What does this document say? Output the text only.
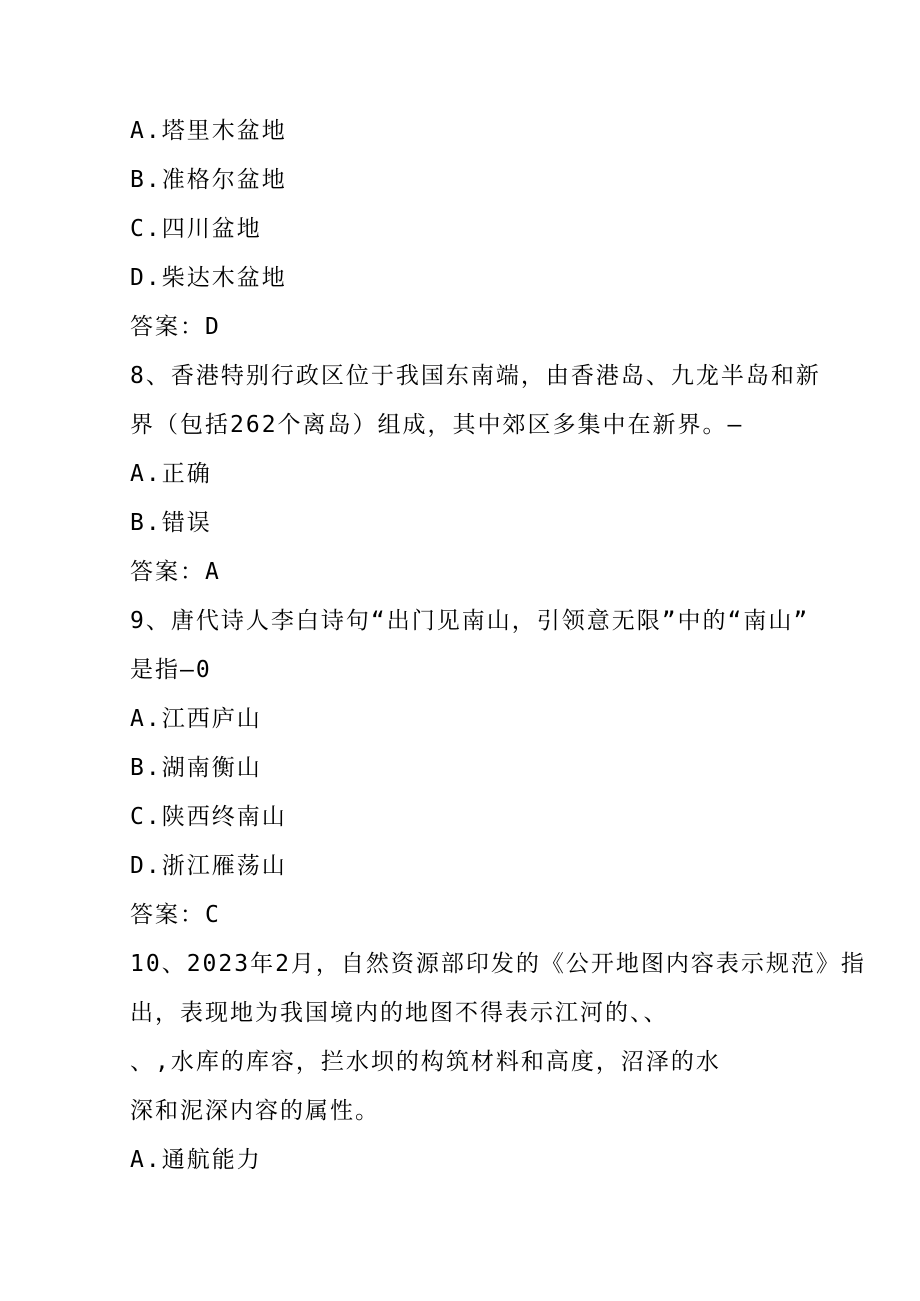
A.塔里木盆地
B.准格尔盆地
C.四川盆地
D.柴达木盆地
答案：D
8、香港特别行政区位于我国东南端，由香港岛、九龙半岛和新
界（包括262个离岛）组成，其中郊区多集中在新界。—
A.正确
B.错误
答案：A
9、唐代诗人李白诗句“出门见南山，引领意无限”中的“南山”
是指—0
A.江西庐山
B.湖南衡山
C.陕西终南山
D.浙江雁荡山
答案：C
10、2023年2月，自然资源部印发的《公开地图内容表示规范》指
出，表现地为我国境内的地图不得表示江河的、、
、,水库的库容，拦水坝的构筑材料和高度，沼泽的水
深和泥深内容的属性。
A.通航能力
